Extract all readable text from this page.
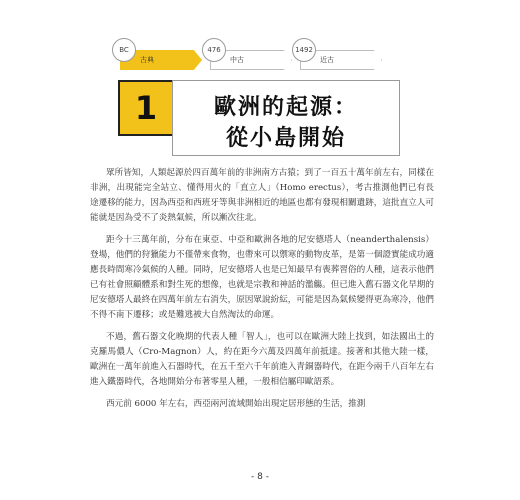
BC
古典
476
中古
1492
近古
1	歐洲的起源：
從小島開始

眾所皆知，人類起源於四百萬年前的非洲南方古猿；到了一百五十萬年前左右，同樣在非洲，出現能完全站立、懂得用火的「直立人」（Homo erectus），考古推測他們已有長途遷移的能力，因為西亞和西班牙等與非洲相近的地區也都有發現相關遺跡，這批直立人可能就是因為受不了炎熱氣候，所以漸次往北。

距今十三萬年前，分布在東亞、中亞和歐洲各地的尼安德塔人（neanderthalensis）登場，他們的狩獵能力不僅帶來食物，也帶來可以禦寒的動物皮革，是第一個證實能成功適應長時間寒冷氣候的人種。同時，尼安德塔人也是已知最早有喪葬習俗的人種，這表示他們已有社會照顧體系和對生死的想像，也就是宗教和神話的濫觴。但已進入舊石器文化早期的尼安德塔人最終在四萬年前左右消失，原因眾說紛紜，可能是因為氣候變得更為寒冷，他們不得不南下遷移；或是難逃被大自然淘汰的命運。

不過，舊石器文化晚期的代表人種「智人」，也可以在歐洲大陸上找到，如法國出土的克羅馬儂人（Cro-Magnon）人，約在距今六萬及四萬年前抵達。接著和其他大陸一樣，歐洲在一萬年前進入石器時代，在五千至六千年前進入青銅器時代，在距今兩千八百年左右進入鐵器時代，各地開始分布著零星人種，一般相信屬印歐語系。

西元前 6000 年左右，西亞兩河流域開始出現定居形態的生活，推測

- 8 -
